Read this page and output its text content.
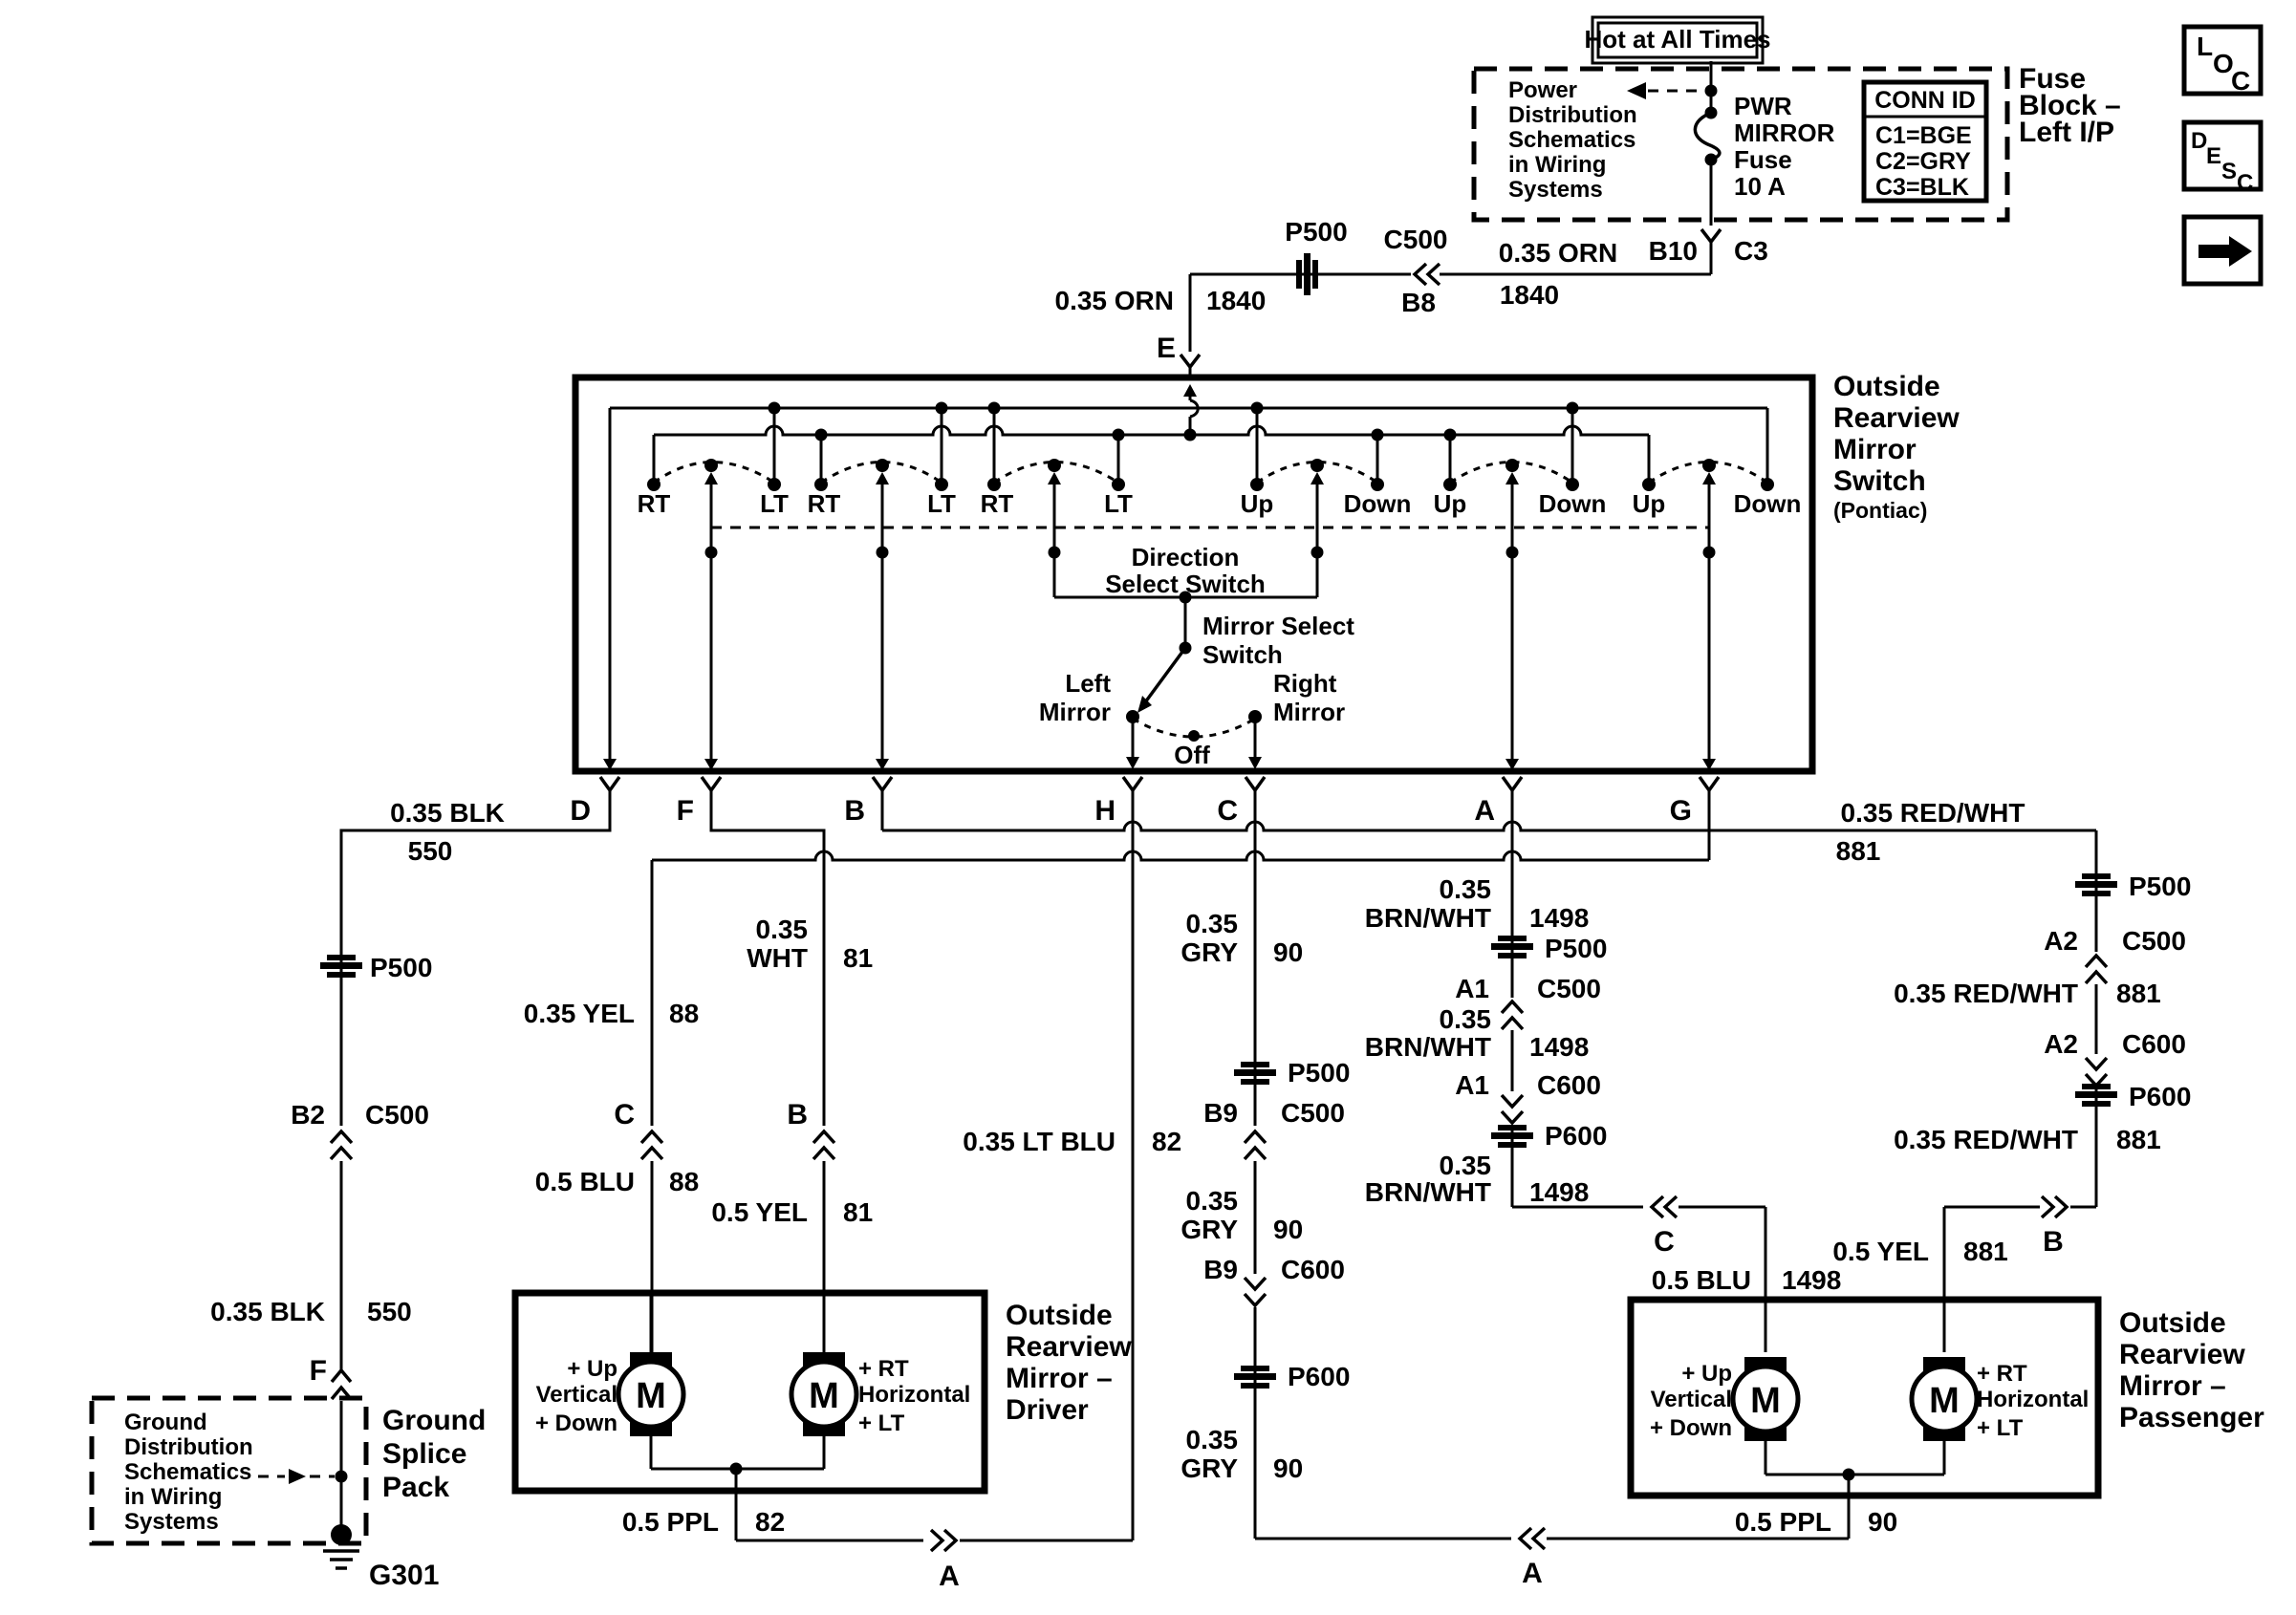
L
O
C
D
E
S C
Hot at All Times
Power
Distribution
Schematics
in Wiring
Systems
PWR
MIRROR
Fuse
10 A
CONN ID
C1=BGE
C2=GRY
C3=BLK
Fuse
Block –
Left I/P
B10 C3
P500 C500
B8
0.35 ORN
1840
0.35 ORN 1840
E
Outside
Rearview
Mirror
Switch
(Pontiac)
RT	LT RT	LT RT	LT	Up	Down Up	Down Up	Down
Direction
Select Switch
Mirror Select
Switch
Left
Mirror
Right
Mirror
Off
D	F	B	H	C	A	G
0.35 BLK
550
P500
B2 C500
0.35 BLK 550
F
Ground
Distribution
Schematics
in Wiring
Systems
G301
Ground
Splice
Pack
0.35
WHT 81
B
0.5 YEL 81
0.35 YEL 88
C
0.5 BLU 88
0.35 RED/WHT
881
P500
A2 C500
0.35 RED/WHT 881
A2 C600
P600
0.35 RED/WHT 881
B
0.5 YEL 881
0.35 LT BLU 82
A
0.5 PPL 82
0.35
GRY 90
P500
B9 C500
0.35
GRY 90
B9 C600
P600
0.35
GRY 90
A
0.35
BRN/WHT 1498
P500
A1 C500
0.35
BRN/WHT 1498
A1 C600
P600
0.35
BRN/WHT 1498
C
0.5 BLU 1498
M	M
+ Up
Vertical
+ Down
+ RT
Horizontal
+ LT
Outside
Rearview
Mirror –
Driver	M	M
+ Up
Vertical
+ Down
+ RT
Horizontal
+ LT
0.5 PPL 90
Outside
Rearview
Mirror –
Passenger
